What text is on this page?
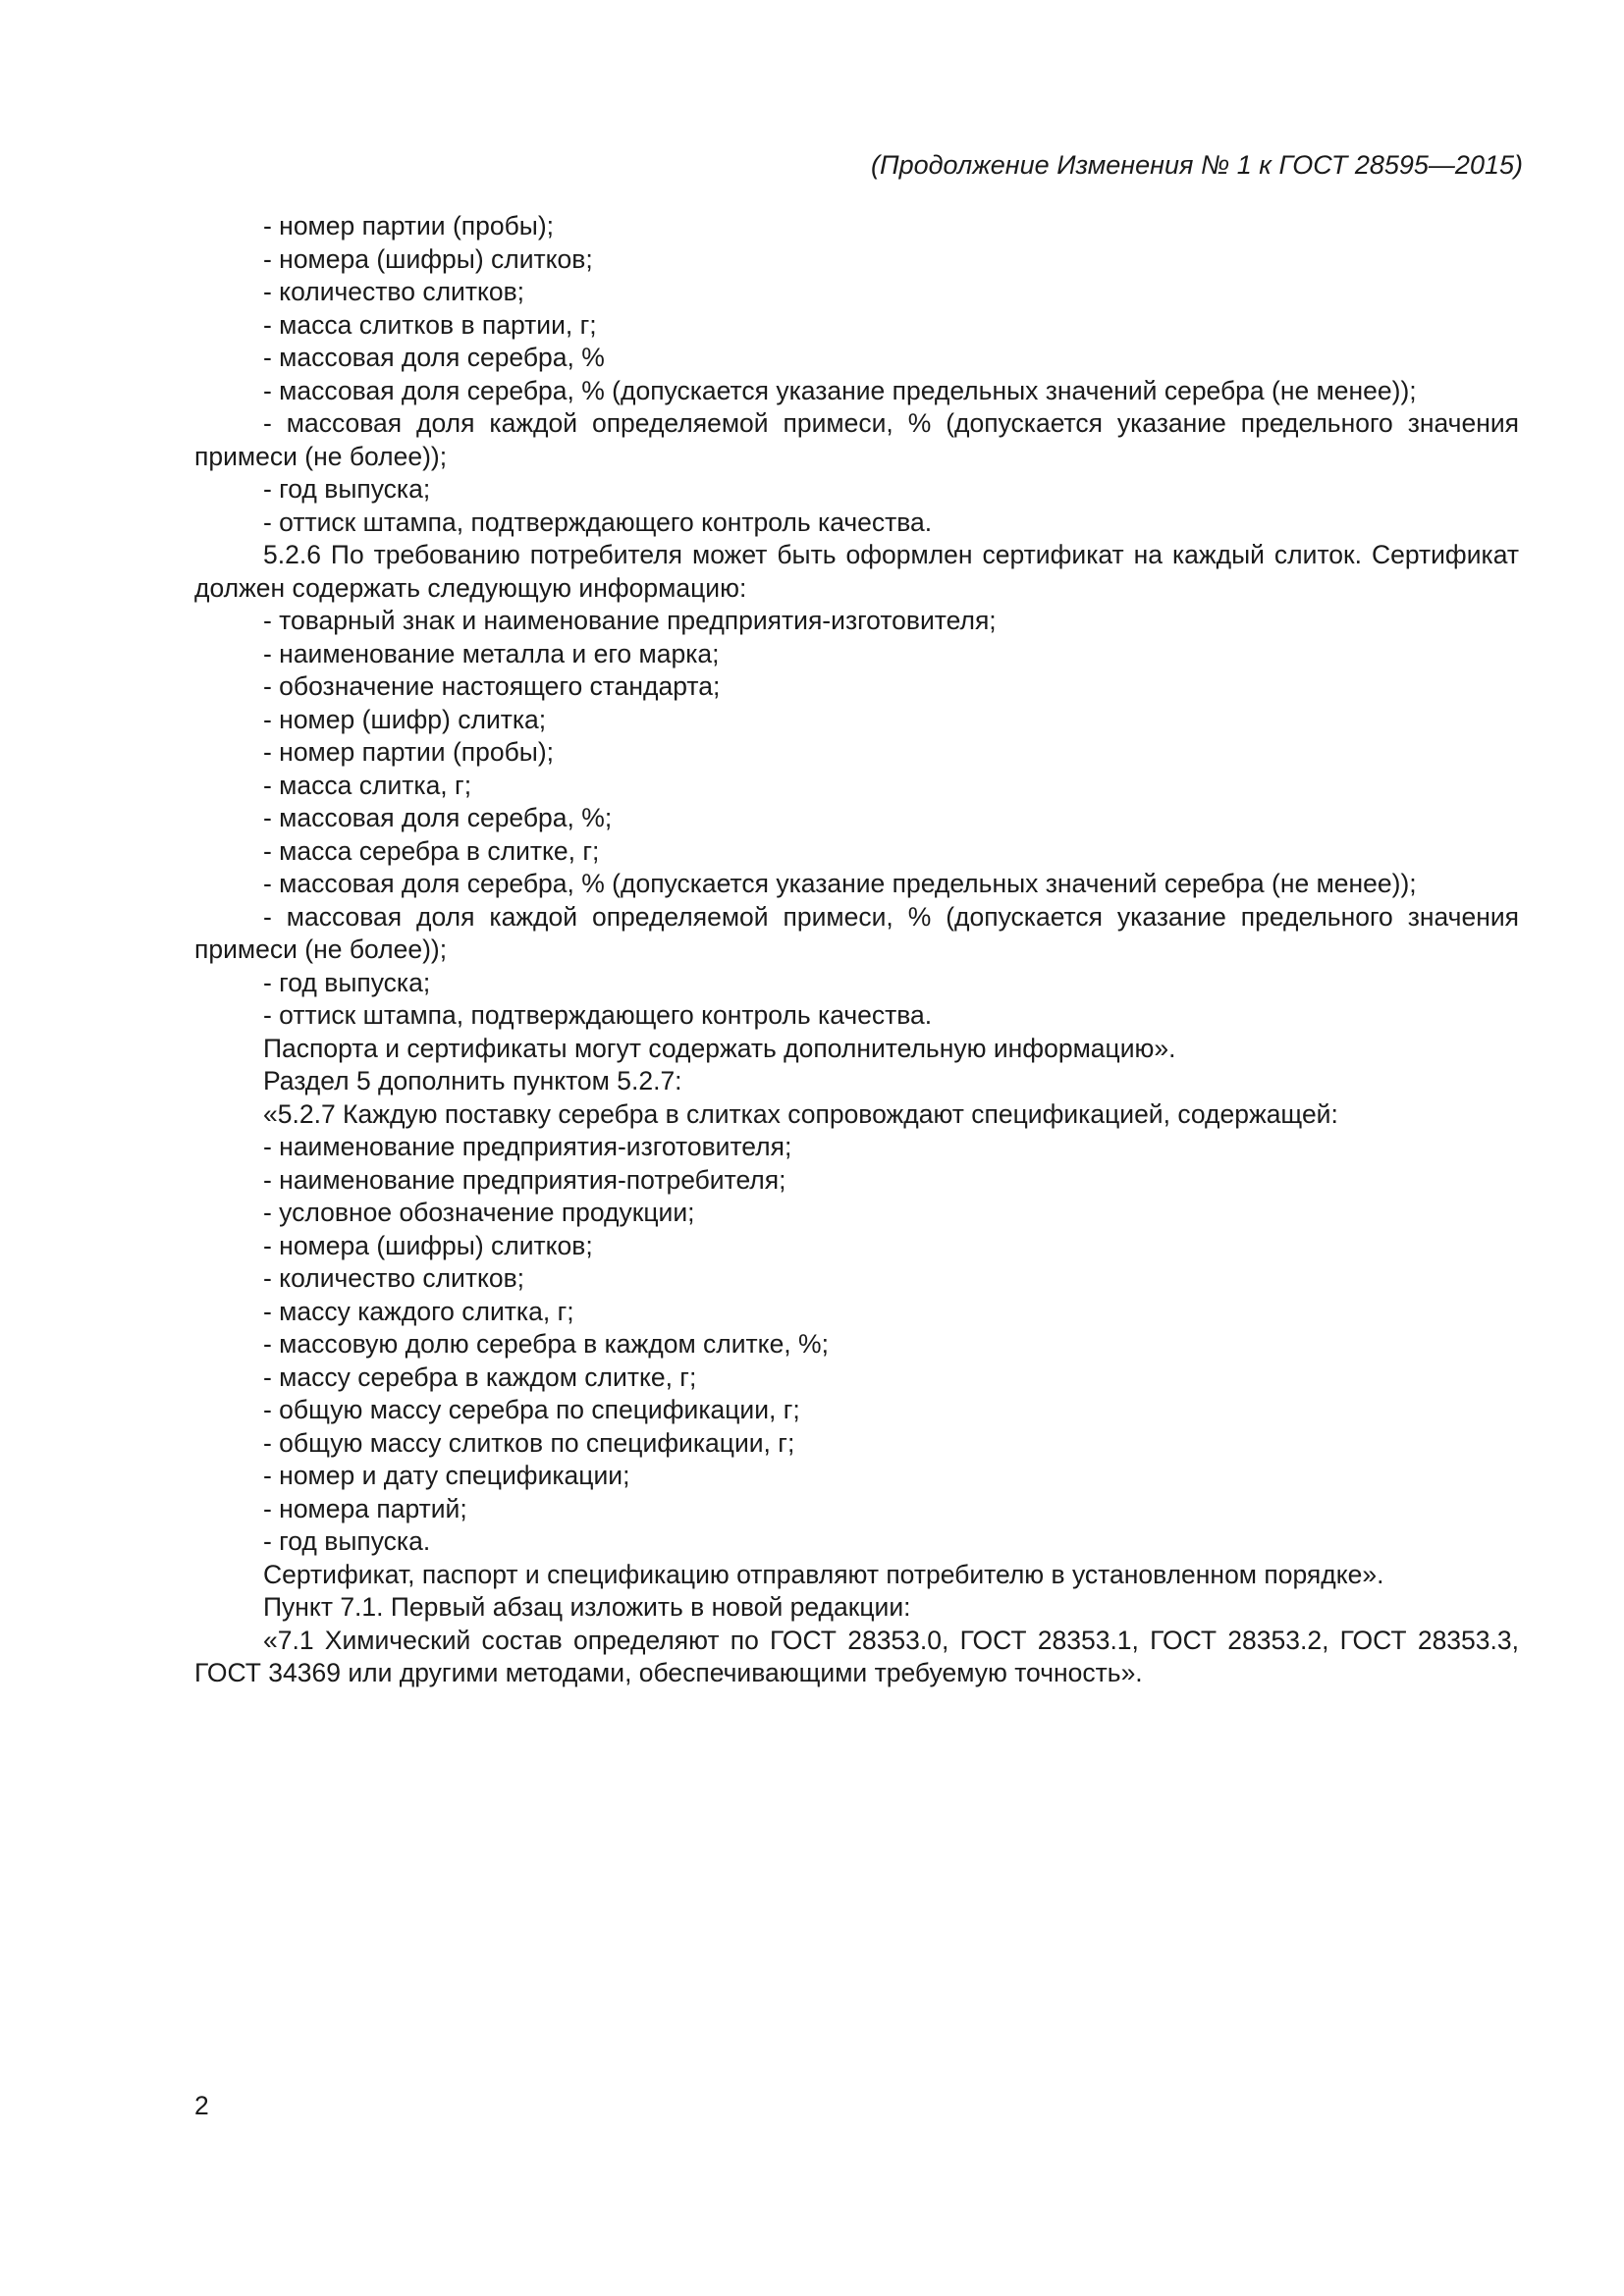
(Продолжение Изменения № 1 к ГОСТ 28595—2015)

- номер партии (пробы);

- номера (шифры) слитков;

- количество слитков;

- масса слитков в партии, г;

- массовая доля серебра, %

- массовая доля серебра, % (допускается указание предельных значений серебра (не менее));

- массовая доля каждой определяемой примеси, % (допускается указание предельного значения примеси (не более));

- год выпуска;

- оттиск штампа, подтверждающего контроль качества.

5.2.6 По требованию потребителя может быть оформлен сертификат на каждый слиток. Сертификат должен содержать следующую информацию:

- товарный знак и наименование предприятия-изготовителя;

- наименование металла и его марка;

- обозначение настоящего стандарта;

- номер (шифр) слитка;

- номер партии (пробы);

- масса слитка, г;

- массовая доля серебра, %;

- масса серебра в слитке, г;

- массовая доля серебра, % (допускается указание предельных значений серебра (не менее));

- массовая доля каждой определяемой примеси, % (допускается указание предельного значения примеси (не более));

- год выпуска;

- оттиск штампа, подтверждающего контроль качества.

Паспорта и сертификаты могут содержать дополнительную информацию».

Раздел 5 дополнить пунктом 5.2.7:

«5.2.7 Каждую поставку серебра в слитках сопровождают спецификацией, содержащей:

- наименование предприятия-изготовителя;

- наименование предприятия-потребителя;

- условное обозначение продукции;

- номера (шифры) слитков;

- количество слитков;

- массу каждого слитка, г;

- массовую долю серебра в каждом слитке, %;

- массу серебра в каждом слитке, г;

- общую массу серебра по спецификации, г;

- общую массу слитков по спецификации, г;

- номер и дату спецификации;

- номера партий;

- год выпуска.

Сертификат, паспорт и спецификацию отправляют потребителю в установленном порядке».

Пункт 7.1. Первый абзац изложить в новой редакции:

«7.1 Химический состав определяют по ГОСТ 28353.0, ГОСТ 28353.1, ГОСТ 28353.2, ГОСТ 28353.3, ГОСТ 34369 или другими методами, обеспечивающими требуемую точность».

2
